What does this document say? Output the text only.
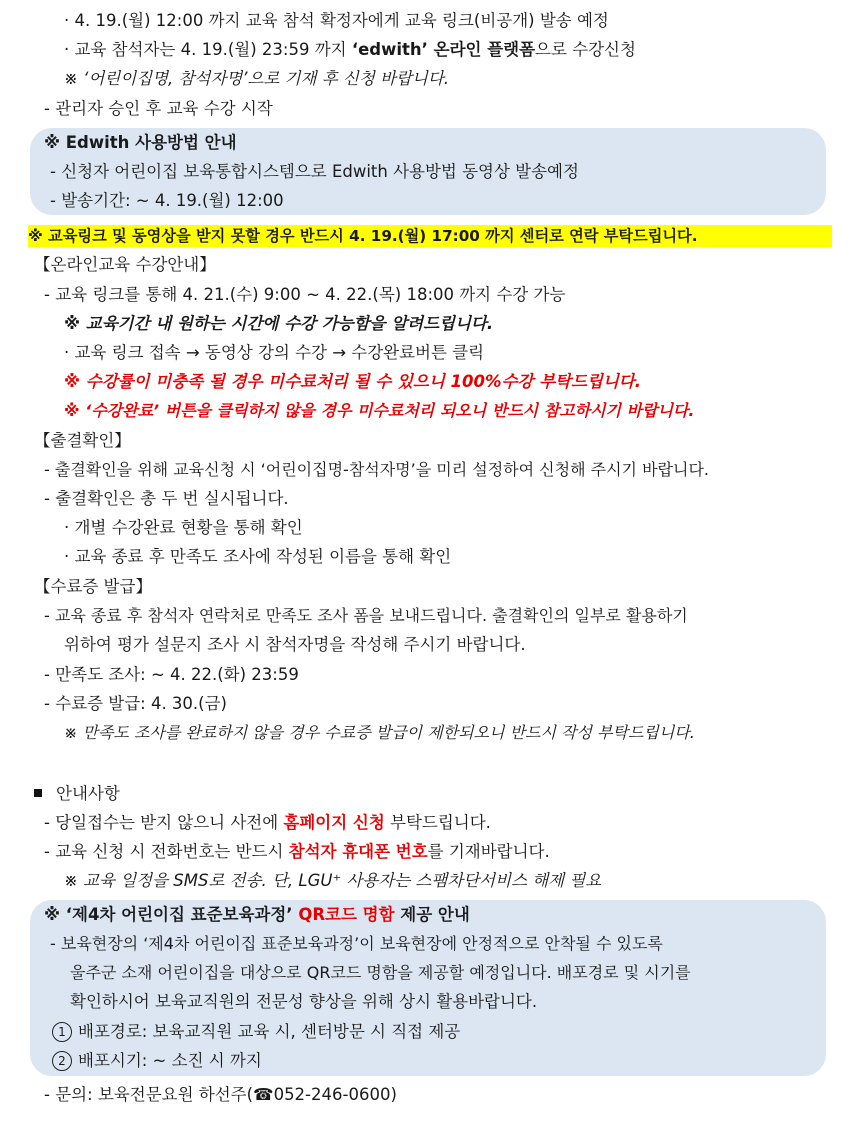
· 4. 19.(월) 12:00 까지 교육 참석 확정자에게 교육 링크(비공개) 발송 예정
· 교육 참석자는 4. 19.(월) 23:59 까지 ‘edwith’ 온라인 플랫폼으로 수강신청
※ ‘어린이집명, 참석자명’으로 기재 후 신청 바랍니다.
- 관리자 승인 후 교육 수강 시작
※ Edwith 사용방법 안내
- 신청자 어린이집 보육통합시스템으로 Edwith 사용방법 동영상 발송예정
- 발송기간: ~ 4. 19.(월) 12:00
※ 교육링크 및 동영상을 받지 못할 경우 반드시 4. 19.(월) 17:00 까지 센터로 연락 부탁드립니다.
【온라인교육 수강안내】
- 교육 링크를 통해 4. 21.(수) 9:00 ~ 4. 22.(목) 18:00 까지 수강 가능
※ 교육기간 내 원하는 시간에 수강 가능함을 알려드립니다.
· 교육 링크 접속 → 동영상 강의 수강 → 수강완료버튼 클릭
※ 수강률이 미충족 될 경우 미수료처리 될 수 있으니 100%수강 부탁드립니다.
※ ‘수강완료’ 버튼을 클릭하지 않을 경우 미수료처리 되오니 반드시 참고하시기 바랍니다.
【출결확인】
- 출결확인을 위해 교육신청 시 ‘어린이집명-참석자명’을 미리 설정하여 신청해 주시기 바랍니다.
- 출결확인은 총 두 번 실시됩니다.
· 개별 수강완료 현황을 통해 확인
· 교육 종료 후 만족도 조사에 작성된 이름을 통해 확인
【수료증 발급】
- 교육 종료 후 참석자 연락처로 만족도 조사 폼을 보내드립니다. 출결확인의 일부로 활용하기
위하여 평가 설문지 조사 시 참석자명을 작성해 주시기 바랍니다.
- 만족도 조사: ~ 4. 22.(화) 23:59
- 수료증 발급: 4. 30.(금)
※ 만족도 조사를 완료하지 않을 경우 수료증 발급이 제한되오니 반드시 작성 부탁드립니다.
안내사항
- 당일접수는 받지 않으니 사전에 홈페이지 신청 부탁드립니다.
- 교육 신청 시 전화번호는 반드시 참석자 휴대폰 번호를 기재바랍니다.
※ 교육 일정을 SMS로 전송. 단, LGU⁺ 사용자는 스팸차단서비스 해제 필요
※ ‘제4차 어린이집 표준보육과정’ QR코드 명함 제공 안내
- 보육현장의 ‘제4차 어린이집 표준보육과정’이 보육현장에 안정적으로 안착될 수 있도록
울주군 소재 어린이집을 대상으로 QR코드 명함을 제공할 예정입니다. 배포경로 및 시기를
확인하시어 보육교직원의 전문성 향상을 위해 상시 활용바랍니다.
1 배포경로: 보육교직원 교육 시, 센터방문 시 직접 제공
2 배포시기: ~ 소진 시 까지
- 문의: 보육전문요원 하선주(☎052-246-0600)
